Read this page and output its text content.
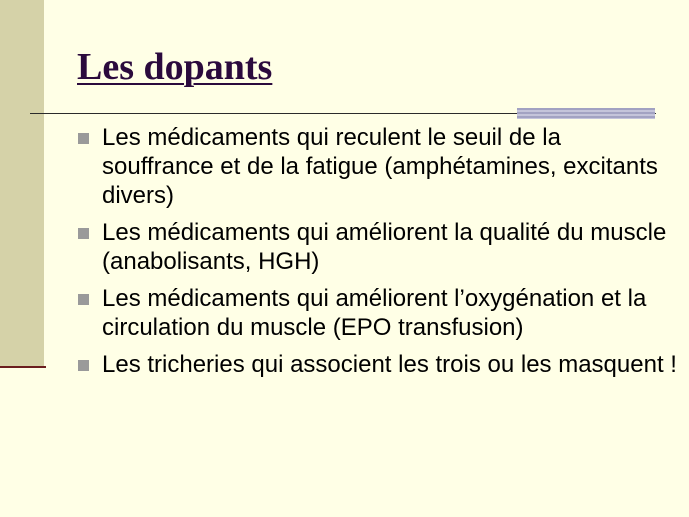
Les dopants
Les médicaments qui reculent le seuil de la souffrance et de la fatigue (amphétamines, excitants divers)
Les médicaments qui améliorent la qualité du muscle (anabolisants, HGH)
Les médicaments qui améliorent l’oxygénation et la circulation du muscle (EPO transfusion)
Les tricheries qui associent les trois ou les masquent !
